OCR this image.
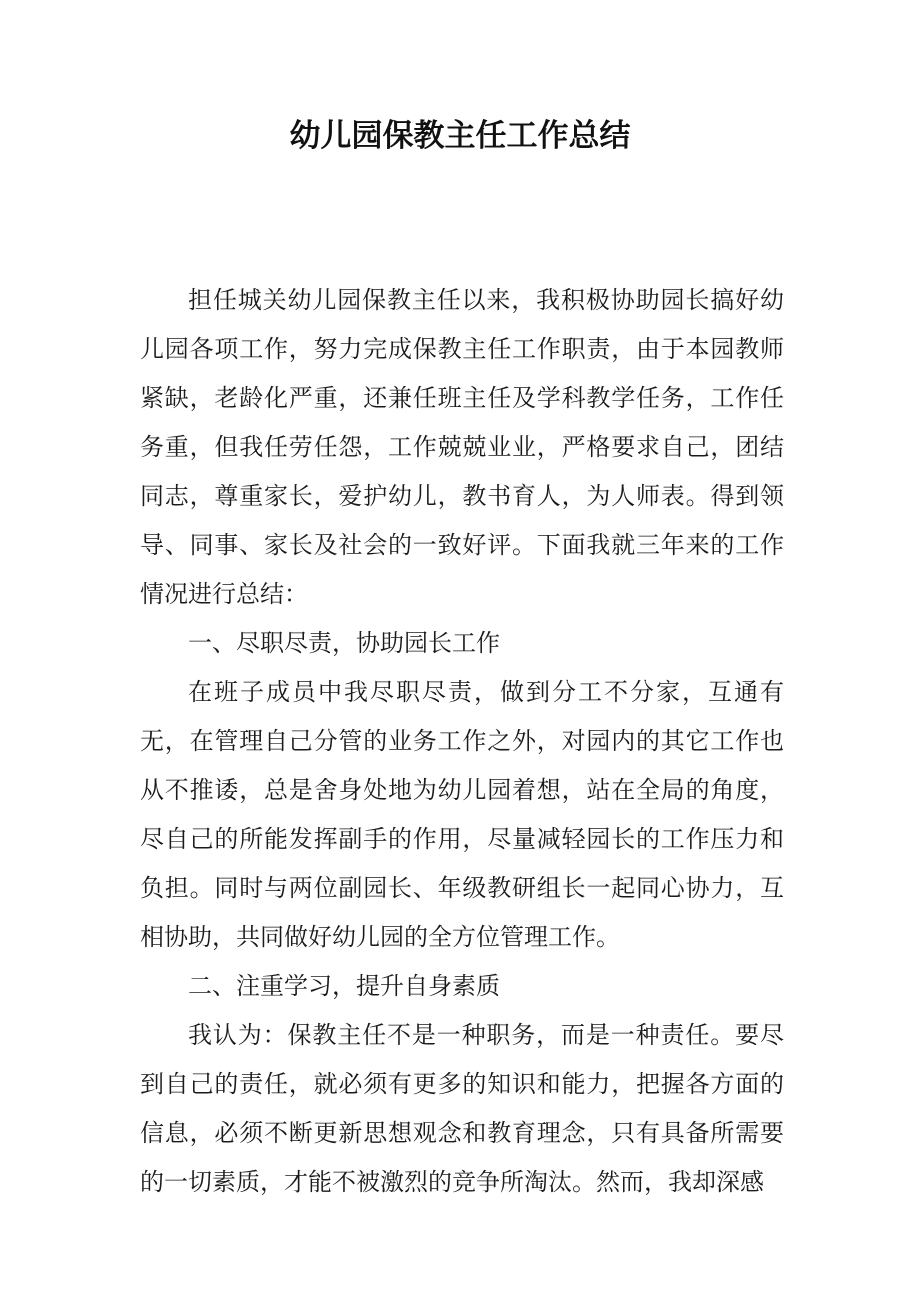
幼儿园保教主任工作总结

担任城关幼儿园保教主任以来，我积极协助园长搞好幼儿园各项工作，努力完成保教主任工作职责，由于本园教师紧缺，老龄化严重，还兼任班主任及学科教学任务，工作任务重，但我任劳任怨，工作兢兢业业，严格要求自己，团结同志，尊重家长，爱护幼儿，教书育人，为人师表。得到领导、同事、家长及社会的一致好评。下面我就三年来的工作情况进行总结：

一、尽职尽责，协助园长工作

在班子成员中我尽职尽责，做到分工不分家，互通有无，在管理自己分管的业务工作之外，对园内的其它工作也从不推诿，总是舍身处地为幼儿园着想，站在全局的角度，尽自己的所能发挥副手的作用，尽量减轻园长的工作压力和负担。同时与两位副园长、年级教研组长一起同心协力，互相协助，共同做好幼儿园的全方位管理工作。

二、注重学习，提升自身素质

我认为：保教主任不是一种职务，而是一种责任。要尽到自己的责任，就必须有更多的知识和能力，把握各方面的信息，必须不断更新思想观念和教育理念，只有具备所需要的一切素质，才能不被激烈的竞争所淘汰。然而，我却深感
